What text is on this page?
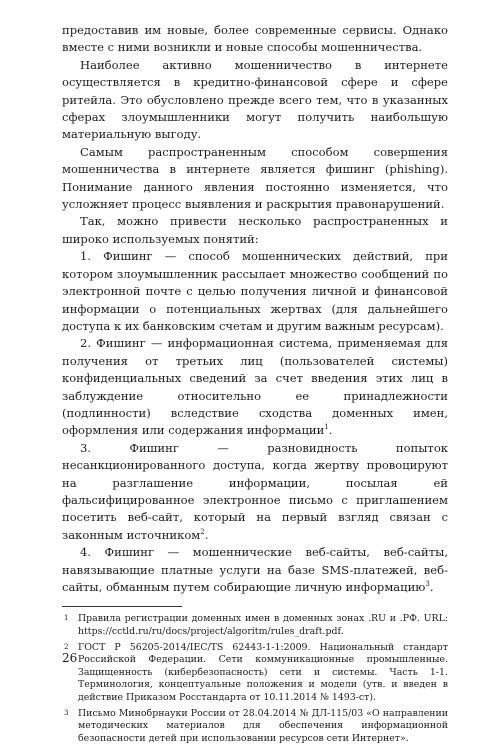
предоставив им новые, более современные сервисы. Однако вместе с ними возникли и новые способы мошенничества.

Наиболее активно мошенничество в интернете осуществляется в кредитно-финансовой сфере и сфере ритейла. Это обусловлено прежде всего тем, что в указанных сферах злоумышленники могут получить наибольшую материальную выгоду.

Самым распространенным способом совершения мошенничества в интернете является фишинг (phishing). Понимание данного явления постоянно изменяется, что усложняет процесс выявления и раскрытия правонарушений.

Так, можно привести несколько распространенных и широко используемых понятий:

1. Фишинг — способ мошеннических действий, при котором злоумышленник рассылает множество сообщений по электронной почте с целью получения личной и финансовой информации о потенциальных жертвах (для дальнейшего доступа к их банковским счетам и другим важным ресурсам).

2. Фишинг — информационная система, применяемая для получения от третьих лиц (пользователей системы) конфиденциальных сведений за счет введения этих лиц в заблуждение относительно ее принадлежности (подлинности) вследствие сходства доменных имен, оформления или содержания информации$^1$.

3. Фишинг — разновидность попыток несанкционированного доступа, когда жертву провоцируют на разглашение информации, посылая ей фальсифицированное электронное письмо с приглашением посетить веб-сайт, который на первый взгляд связан с законным источником$^2$.

4. Фишинг — мошеннические веб-сайты, веб-сайты, навязывающие платные услуги на базе SMS-платежей, веб-сайты, обманным путем собирающие личную информацию$^3$.

1 Правила регистрации доменных имен в доменных зонах .RU и .РФ. URL: https://cctld.ru/ru/docs/project/algoritm/rules_draft.pdf.
2 ГОСТ Р 56205-2014/IEC/TS 62443-1-1:2009. Национальный стандарт Российской Федерации. Сети коммуникационные промышленные. Защищенность (кибербезопасность) сети и системы. Часть 1-1. Терминология, концептуальные положения и модели (утв. и введен в действие Приказом Росстандарта от 10.11.2014 № 1493-ст).
3 Письмо Минобрнауки России от 28.04.2014 № ДЛ-115/03 «О направлении методических материалов для обеспечения информационной безопасности детей при использовании ресурсов сети Интернет».
26
